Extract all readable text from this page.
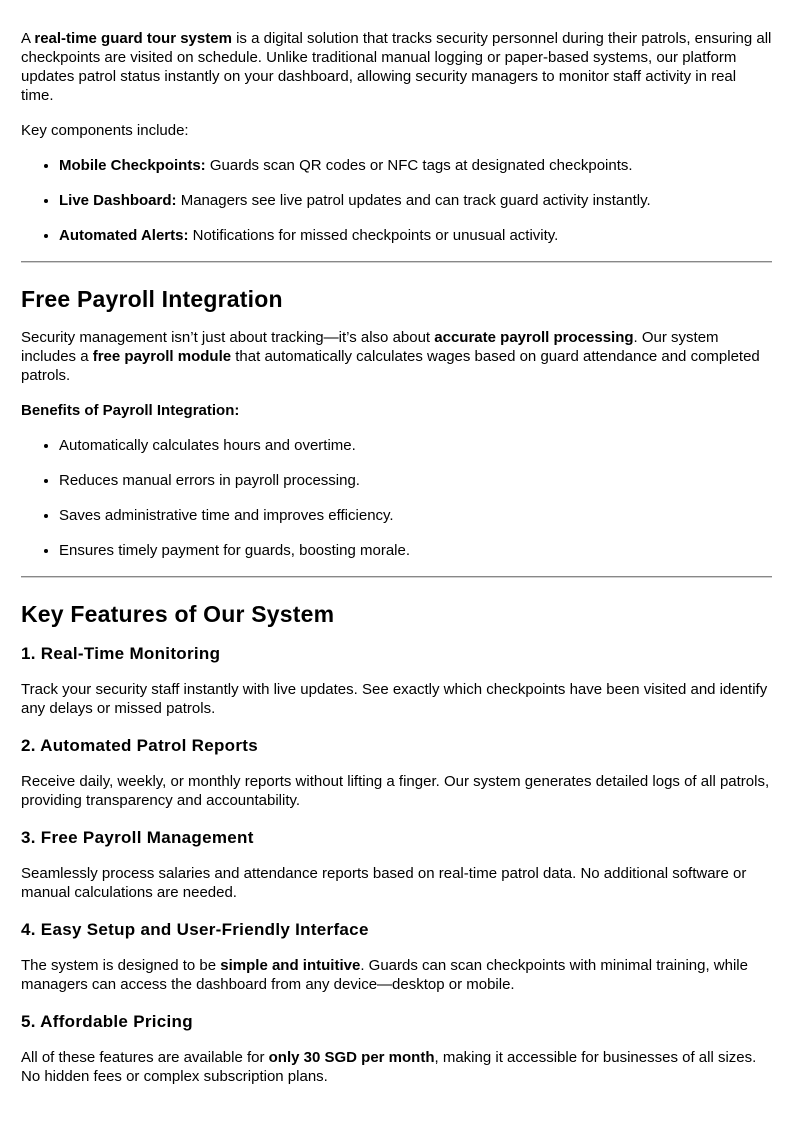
A real-time guard tour system is a digital solution that tracks security personnel during their patrols, ensuring all checkpoints are visited on schedule. Unlike traditional manual logging or paper-based systems, our platform updates patrol status instantly on your dashboard, allowing security managers to monitor staff activity in real time.

Key components include:

• Mobile Checkpoints: Guards scan QR codes or NFC tags at designated checkpoints.
• Live Dashboard: Managers see live patrol updates and can track guard activity instantly.
• Automated Alerts: Notifications for missed checkpoints or unusual activity.
Free Payroll Integration

Security management isn’t just about tracking—it’s also about accurate payroll processing. Our system includes a free payroll module that automatically calculates wages based on guard attendance and completed patrols.

Benefits of Payroll Integration:

• Automatically calculates hours and overtime.
• Reduces manual errors in payroll processing.
• Saves administrative time and improves efficiency.
• Ensures timely payment for guards, boosting morale.
Key Features of Our System
1. Real-Time Monitoring

Track your security staff instantly with live updates. See exactly which checkpoints have been visited and identify any delays or missed patrols.

2. Automated Patrol Reports

Receive daily, weekly, or monthly reports without lifting a finger. Our system generates detailed logs of all patrols, providing transparency and accountability.

3. Free Payroll Management

Seamlessly process salaries and attendance reports based on real-time patrol data. No additional software or manual calculations are needed.

4. Easy Setup and User-Friendly Interface

The system is designed to be simple and intuitive. Guards can scan checkpoints with minimal training, while managers can access the dashboard from any device—desktop or mobile.

5. Affordable Pricing

All of these features are available for only 30 SGD per month, making it accessible for businesses of all sizes. No hidden fees or complex subscription plans.
